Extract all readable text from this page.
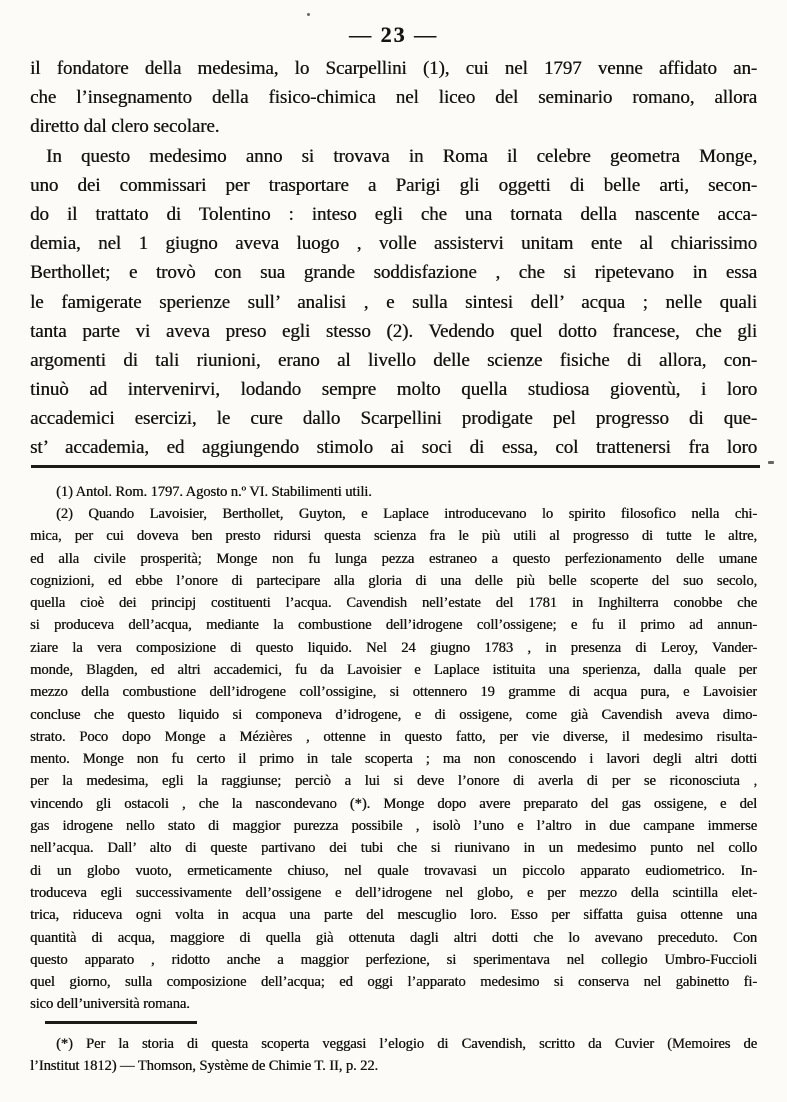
— 23 —
il fondatore della medesima, lo Scarpellini (1), cui nel 1797 venne affidato an-
che l’insegnamento della fisico-chimica nel liceo del seminario romano, allora
diretto dal clero secolare.
In questo medesimo anno si trovava in Roma il celebre geometra Monge,
uno dei commissari per trasportare a Parigi gli oggetti di belle arti, secon-
do il trattato di Tolentino : inteso egli che una tornata della nascente acca-
demia, nel 1 giugno aveva luogo , volle assistervi unitam ente al chiarissimo
Berthollet; e trovò con sua grande soddisfazione , che si ripetevano in essa
le famigerate sperienze sull’ analisi , e sulla sintesi dell’ acqua ; nelle quali
tanta parte vi aveva preso egli stesso (2). Vedendo quel dotto francese, che gli
argomenti di tali riunioni, erano al livello delle scienze fisiche di allora, con-
tinuò ad intervenirvi, lodando sempre molto quella studiosa gioventù, i loro
accademici esercizi, le cure dallo Scarpellini prodigate pel progresso di que-
st’ accademia, ed aggiungendo stimolo ai soci di essa, col trattenersi fra loro
(1) Antol. Rom. 1797. Agosto n.º VI. Stabilimenti utili.
(2) Quando Lavoisier, Berthollet, Guyton, e Laplace introducevano lo spirito filosofico nella chi-
mica, per cui doveva ben presto ridursi questa scienza fra le più utili al progresso di tutte le altre,
ed alla civile prosperità; Monge non fu lunga pezza estraneo a questo perfezionamento delle umane
cognizioni, ed ebbe l’onore di partecipare alla gloria di una delle più belle scoperte del suo secolo,
quella cioè dei principj costituenti l’acqua. Cavendish nell’estate del 1781 in Inghilterra conobbe che
si produceva dell’acqua, mediante la combustione dell’idrogene coll’ossigene; e fu il primo ad annun-
ziare la vera composizione di questo liquido. Nel 24 giugno 1783 , in presenza di Leroy, Vander-
monde, Blagden, ed altri accademici, fu da Lavoisier e Laplace istituita una sperienza, dalla quale per
mezzo della combustione dell’idrogene coll’ossigine, si ottennero 19 gramme di acqua pura, e Lavoisier
concluse che questo liquido si componeva d’idrogene, e di ossigene, come già Cavendish aveva dimo-
strato. Poco dopo Monge a Mézières , ottenne in questo fatto, per vie diverse, il medesimo risulta-
mento. Monge non fu certo il primo in tale scoperta ; ma non conoscendo i lavori degli altri dotti
per la medesima, egli la raggiunse; perciò a lui si deve l’onore di averla di per se riconosciuta ,
vincendo gli ostacoli , che la nascondevano (*). Monge dopo avere preparato del gas ossigene, e del
gas idrogene nello stato di maggior purezza possibile , isolò l’uno e l’altro in due campane immerse
nell’acqua. Dall’ alto di queste partivano dei tubi che si riunivano in un medesimo punto nel collo
di un globo vuoto, ermeticamente chiuso, nel quale trovavasi un piccolo apparato eudiometrico. In-
troduceva egli successivamente dell’ossigene e dell’idrogene nel globo, e per mezzo della scintilla elet-
trica, riduceva ogni volta in acqua una parte del mescuglio loro. Esso per siffatta guisa ottenne una
quantità di acqua, maggiore di quella già ottenuta dagli altri dotti che lo avevano preceduto. Con
questo apparato , ridotto anche a maggior perfezione, si sperimentava nel collegio Umbro-Fuccioli
quel giorno, sulla composizione dell’acqua; ed oggi l’apparato medesimo si conserva nel gabinetto fi-
sico dell’università romana.
(*) Per la storia di questa scoperta veggasi l’elogio di Cavendish, scritto da Cuvier (Memoires de
l’Institut 1812) — Thomson, Système de Chimie T. II, p. 22.
